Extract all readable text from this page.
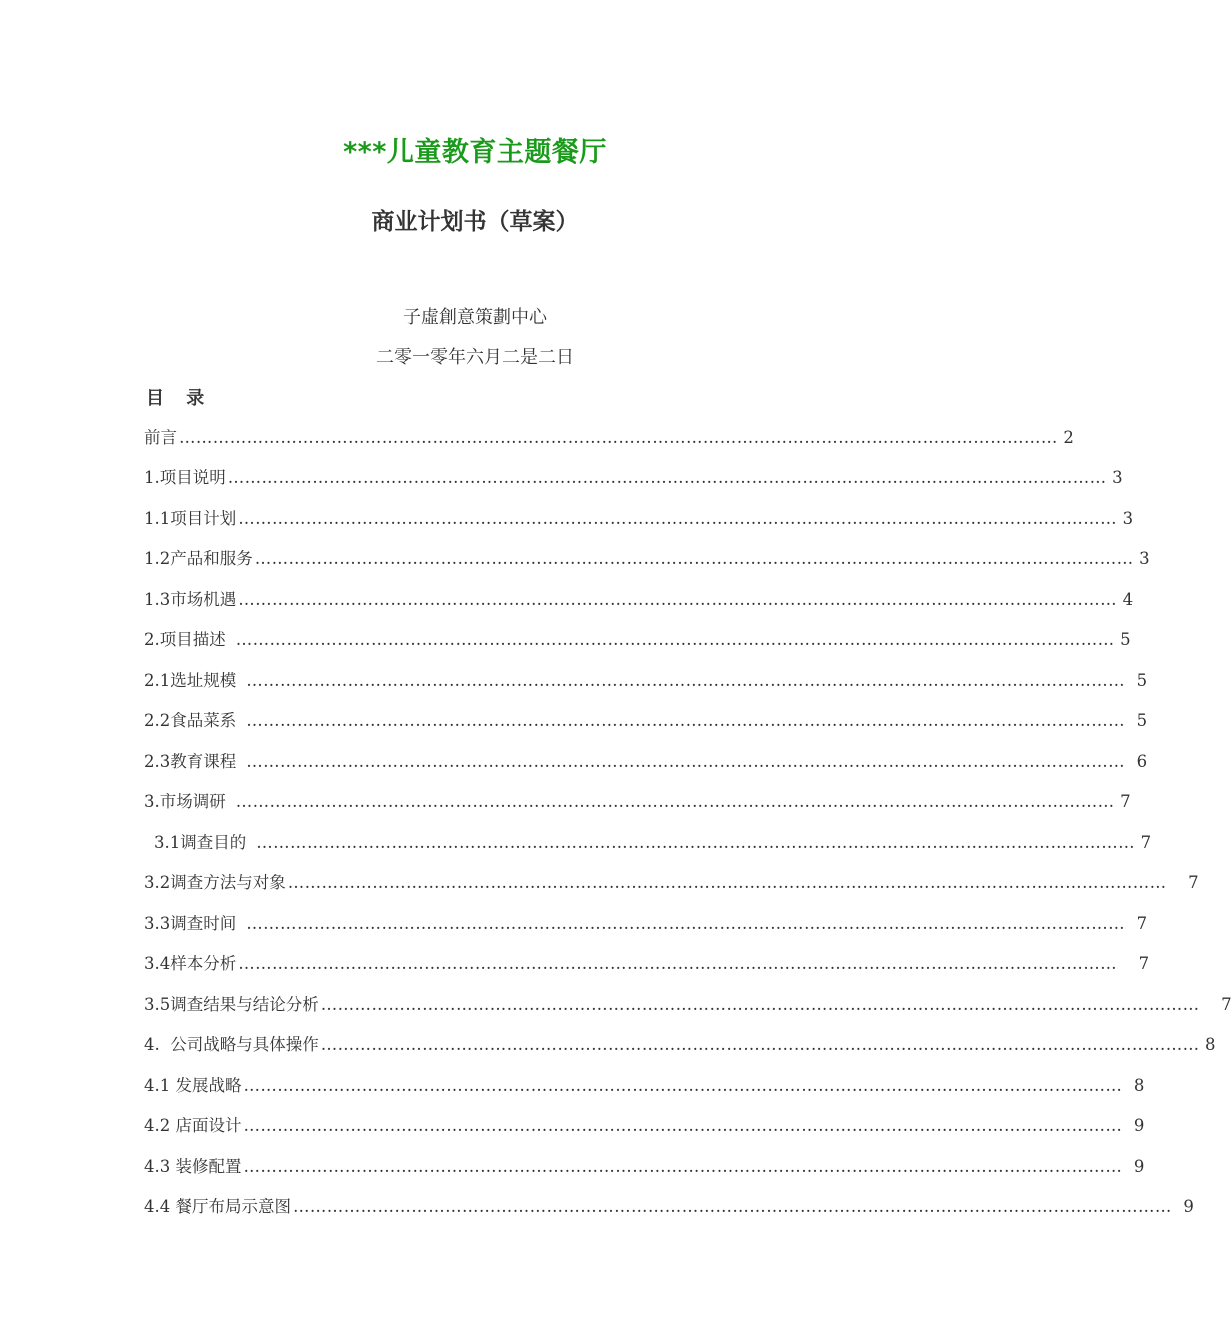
***儿童教育主题餐厅
商业计划书（草案）
子虛創意策劃中心
二零一零年六月二是二日
目 录
前言 ………………………………………………………………………………………………………………………………………… 2
1.项目说明 ………………………………………………………………………………………………………………………………………… 3
1.1项目计划 ………………………………………………………………………………………………………………………………………… 3
1.2产品和服务 ………………………………………………………………………………………………………………………………………… 3
1.3市场机遇 ………………………………………………………………………………………………………………………………………… 4
2.项目描述 ………………………………………………………………………………………………………………………………………… 5
2.1选址规模 ………………………………………………………………………………………………………………………………………… 5
2.2食品菜系 ………………………………………………………………………………………………………………………………………… 5
2.3教育课程 ………………………………………………………………………………………………………………………………………… 6
3.市场调研 ………………………………………………………………………………………………………………………………………… 7
3.1调查目的 ………………………………………………………………………………………………………………………………………… 7
3.2调查方法与对象 ………………………………………………………………………………………………………………………………………… 7
3.3调查时间 ………………………………………………………………………………………………………………………………………… 7
3.4样本分析 ………………………………………………………………………………………………………………………………………… 7
3.5调查结果与结论分析 ………………………………………………………………………………………………………………………………………… 7
4.  公司战略与具体操作 ………………………………………………………………………………………………………………………………………… 8
4.1 发展战略 ………………………………………………………………………………………………………………………………………… 8
4.2 店面设计 ………………………………………………………………………………………………………………………………………… 9
4.3 装修配置 ………………………………………………………………………………………………………………………………………… 9
4.4 餐厅布局示意图 ………………………………………………………………………………………………………………………………………… 9
